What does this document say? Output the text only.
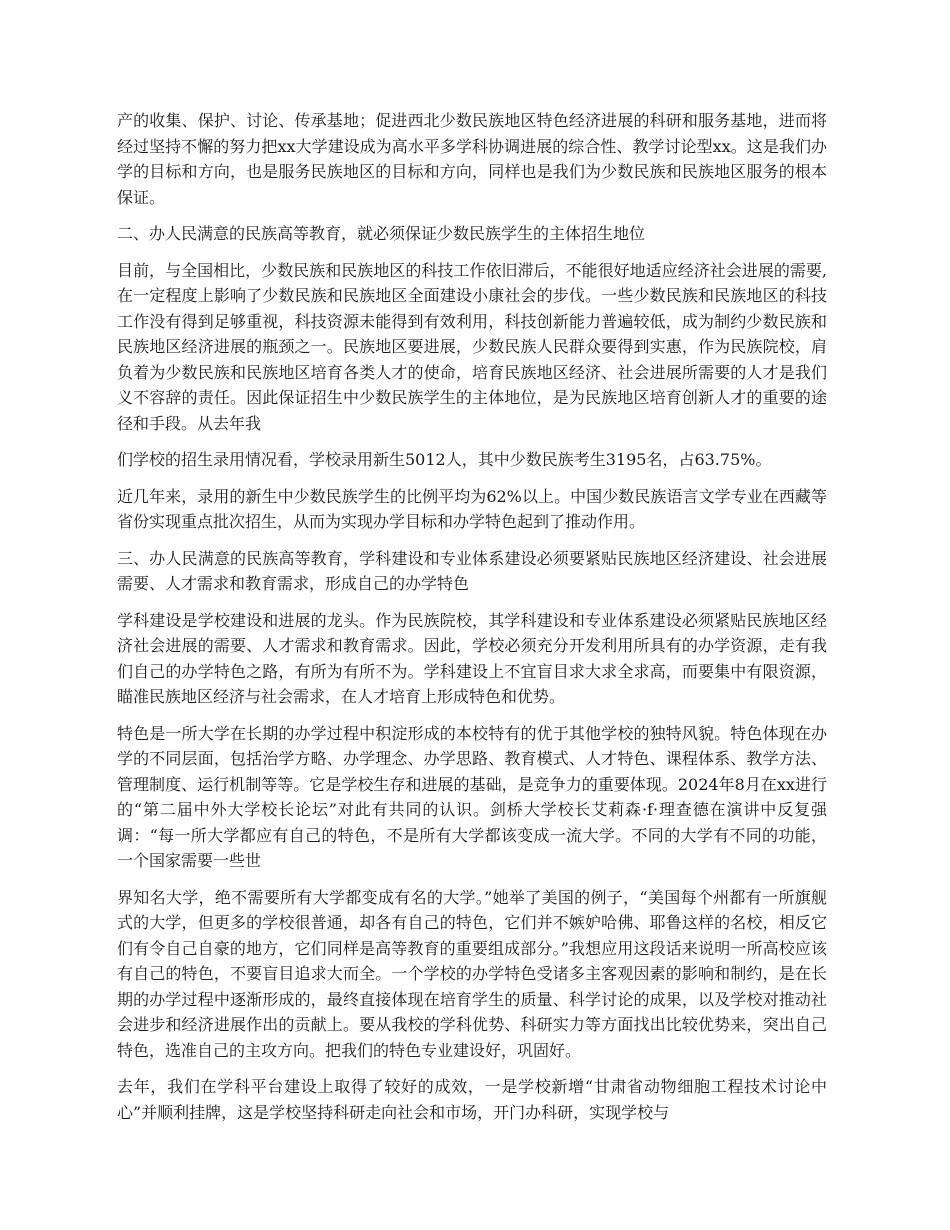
产的收集、保护、讨论、传承基地；促进西北少数民族地区特色经济进展的科研和服务基地，进而将经过坚持不懈的努力把xx大学建设成为高水平多学科协调进展的综合性、教学讨论型xx。这是我们办学的目标和方向，也是服务民族地区的目标和方向，同样也是我们为少数民族和民族地区服务的根本保证。

二、办人民满意的民族高等教育，就必须保证少数民族学生的主体招生地位

目前，与全国相比，少数民族和民族地区的科技工作依旧滞后，不能很好地适应经济社会进展的需要,在一定程度上影响了少数民族和民族地区全面建设小康社会的步伐。一些少数民族和民族地区的科技工作没有得到足够重视，科技资源未能得到有效利用，科技创新能力普遍较低，成为制约少数民族和民族地区经济进展的瓶颈之一。民族地区要进展，少数民族人民群众要得到实惠，作为民族院校，肩负着为少数民族和民族地区培育各类人才的使命，培育民族地区经济、社会进展所需要的人才是我们义不容辞的责任。因此保证招生中少数民族学生的主体地位，是为民族地区培育创新人才的重要的途径和手段。从去年我

们学校的招生录用情况看，学校录用新生5012人，其中少数民族考生3195名，占63.75%。

近几年来，录用的新生中少数民族学生的比例平均为62%以上。中国少数民族语言文学专业在西藏等省份实现重点批次招生，从而为实现办学目标和办学特色起到了推动作用。

三、办人民满意的民族高等教育，学科建设和专业体系建设必须要紧贴民族地区经济建设、社会进展需要、人才需求和教育需求，形成自己的办学特色

学科建设是学校建设和进展的龙头。作为民族院校，其学科建设和专业体系建设必须紧贴民族地区经济社会进展的需要、人才需求和教育需求。因此，学校必须充分开发利用所具有的办学资源，走有我们自己的办学特色之路，有所为有所不为。学科建设上不宜盲目求大求全求高，而要集中有限资源，瞄准民族地区经济与社会需求，在人才培育上形成特色和优势。

特色是一所大学在长期的办学过程中积淀形成的本校特有的优于其他学校的独特风貌。特色体现在办学的不同层面，包括治学方略、办学理念、办学思路、教育模式、人才特色、课程体系、教学方法、管理制度、运行机制等等。它是学校生存和进展的基础，是竞争力的重要体现。2024年8月在xx进行的“第二届中外大学校长论坛”对此有共同的认识。剑桥大学校长艾莉森·f·理查德在演讲中反复强调：“每一所大学都应有自己的特色，不是所有大学都该变成一流大学。不同的大学有不同的功能，一个国家需要一些世

界知名大学，绝不需要所有大学都变成有名的大学。”她举了美国的例子，“美国每个州都有一所旗舰式的大学，但更多的学校很普通，却各有自己的特色，它们并不嫉妒哈佛、耶鲁这样的名校，相反它们有令自己自豪的地方，它们同样是高等教育的重要组成部分。”我想应用这段话来说明一所高校应该有自己的特色，不要盲目追求大而全。一个学校的办学特色受诸多主客观因素的影响和制约，是在长期的办学过程中逐渐形成的，最终直接体现在培育学生的质量、科学讨论的成果，以及学校对推动社会进步和经济进展作出的贡献上。要从我校的学科优势、科研实力等方面找出比较优势来，突出自己特色，选准自己的主攻方向。把我们的特色专业建设好，巩固好。

去年，我们在学科平台建设上取得了较好的成效，一是学校新增“甘肃省动物细胞工程技术讨论中心”并顺利挂牌，这是学校坚持科研走向社会和市场，开门办科研，实现学校与
